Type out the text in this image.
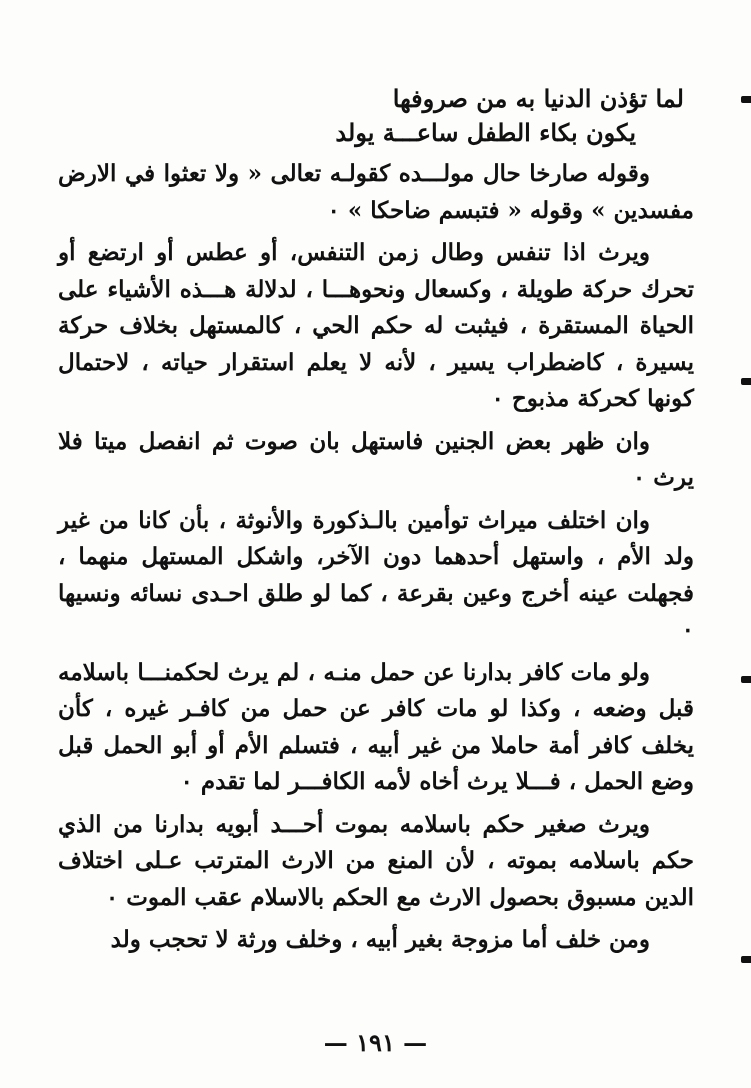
لما تؤذن الدنيا به من صروفها
يكون بكاء الطفل ساعـــة يولد

وقوله صارخا حال مولـــده كقولـه تعالى « ولا تعثوا في الارض مفسدين » وقوله « فتبسم ضاحكا » ٠

ويرث اذا تنفس وطال زمن التنفس، أو عطس أو ارتضع أو تحرك حركة طويلة ، وكسعال ونحوهـــا ، لدلالة هـــذه الأشياء على الحياة المستقرة ، فيثبت له حكم الحي ، كالمستهل بخلاف حركة يسيرة ، كاضطراب يسير ، لأنه لا يعلم استقرار حياته ، لاحتمال كونها كحركة مذبوح ٠

وان ظهر بعض الجنين فاستهل بان صوت ثم انفصل ميتا فلا يرث ٠

وان اختلف ميراث توأمين بالـذكورة والأنوثة ، بأن كانا من غير ولد الأم ، واستهل أحدهما دون الآخر، واشكل المستهل منهما ، فجهلت عينه أخرج وعين بقرعة ، كما لو طلق احـدى نسائه ونسيها ٠

ولو مات كافر بدارنا عن حمل منـه ، لم يرث لحكمنـــا باسلامه قبل وضعه ، وكذا لو مات كافر عن حمل من كافـر غيره ، كأن يخلف كافر أمة حاملا من غير أبيه ، فتسلم الأم أو أبو الحمل قبل وضع الحمل ، فـــلا يرث أخاه لأمه الكافـــر لما تقدم ٠

ويرث صغير حكم باسلامه بموت أحـــد أبويه بدارنا من الذي حكم باسلامه بموته ، لأن المنع من الارث المترتب عـلى اختلاف الدين مسبوق بحصول الارث مع الحكم بالاسلام عقب الموت ٠

ومن خلف أما مزوجة بغير أبيه ، وخلف ورثة لا تحجب ولد

— ١٩١ —
